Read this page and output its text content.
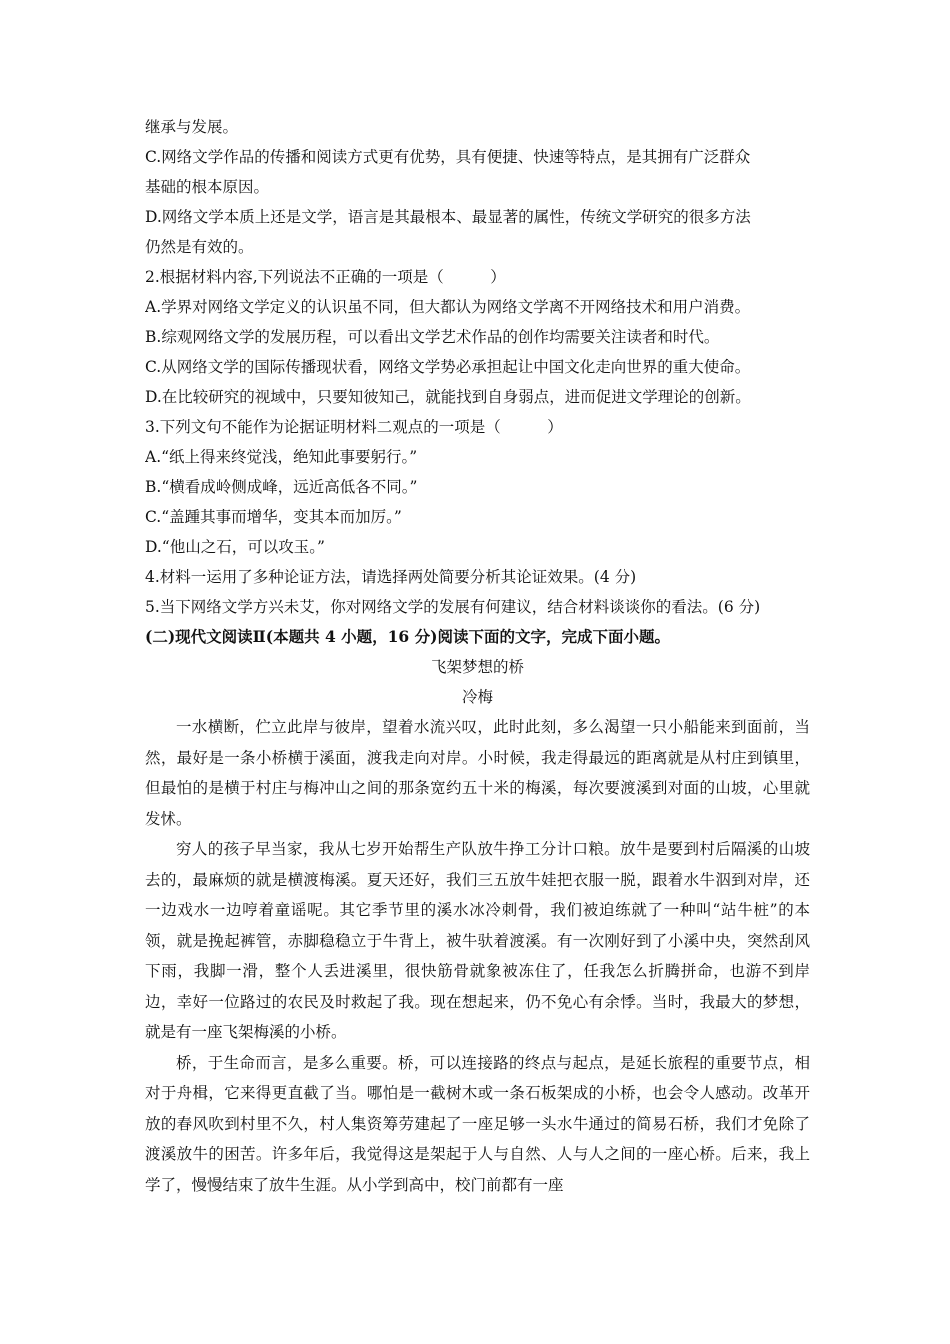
继承与发展。
C.网络文学作品的传播和阅读方式更有优势，具有便捷、快速等特点，是其拥有广泛群众
基础的根本原因。
D.网络文学本质上还是文学，语言是其最根本、最显著的属性，传统文学研究的很多方法
仍然是有效的。
2.根据材料内容,下列说法不正确的一项是（　　　）
A.学界对网络文学定义的认识虽不同，但大都认为网络文学离不开网络技术和用户消费。
B.综观网络文学的发展历程，可以看出文学艺术作品的创作均需要关注读者和时代。
C.从网络文学的国际传播现状看，网络文学势必承担起让中国文化走向世界的重大使命。
D.在比较研究的视域中，只要知彼知己，就能找到自身弱点，进而促进文学理论的创新。
3.下列文句不能作为论据证明材料二观点的一项是（　　　）
A.“纸上得来终觉浅，绝知此事要躬行。”
B.“横看成岭侧成峰，远近高低各不同。”
C.“盖踵其事而增华，变其本而加厉。”
D.“他山之石，可以攻玉。”
4.材料一运用了多种论证方法，请选择两处简要分析其论证效果。(4 分)
5.当下网络文学方兴未艾，你对网络文学的发展有何建议，结合材料谈谈你的看法。(6 分)
(二)现代文阅读Ⅱ(本题共 4 小题，16 分)阅读下面的文字，完成下面小题。
飞架梦想的桥
冷梅

一水横断，伫立此岸与彼岸，望着水流兴叹，此时此刻，多么渴望一只小船能来到面前，当然，最好是一条小桥横于溪面，渡我走向对岸。小时候，我走得最远的距离就是从村庄到镇里，但最怕的是横于村庄与梅冲山之间的那条宽约五十米的梅溪，每次要渡溪到对面的山坡，心里就发怵。

穷人的孩子早当家，我从七岁开始帮生产队放牛挣工分计口粮。放牛是要到村后隔溪的山坡去的，最麻烦的就是横渡梅溪。夏天还好，我们三五放牛娃把衣服一脱，跟着水牛泅到对岸，还一边戏水一边哼着童谣呢。其它季节里的溪水冰冷刺骨，我们被迫练就了一种叫“站牛桩”的本领，就是挽起裤管，赤脚稳稳立于牛背上，被牛驮着渡溪。有一次刚好到了小溪中央，突然刮风下雨，我脚一滑，整个人丢进溪里，很快筋骨就象被冻住了，任我怎么折腾拼命，也游不到岸边，幸好一位路过的农民及时救起了我。现在想起来，仍不免心有余悸。当时，我最大的梦想，就是有一座飞架梅溪的小桥。

桥，于生命而言，是多么重要。桥，可以连接路的终点与起点，是延长旅程的重要节点，相对于舟楫，它来得更直截了当。哪怕是一截树木或一条石板架成的小桥，也会令人感动。改革开放的春风吹到村里不久，村人集资筹劳建起了一座足够一头水牛通过的简易石桥，我们才免除了渡溪放牛的困苦。许多年后，我觉得这是架起于人与自然、人与人之间的一座心桥。后来，我上学了，慢慢结束了放牛生涯。从小学到高中，校门前都有一座
